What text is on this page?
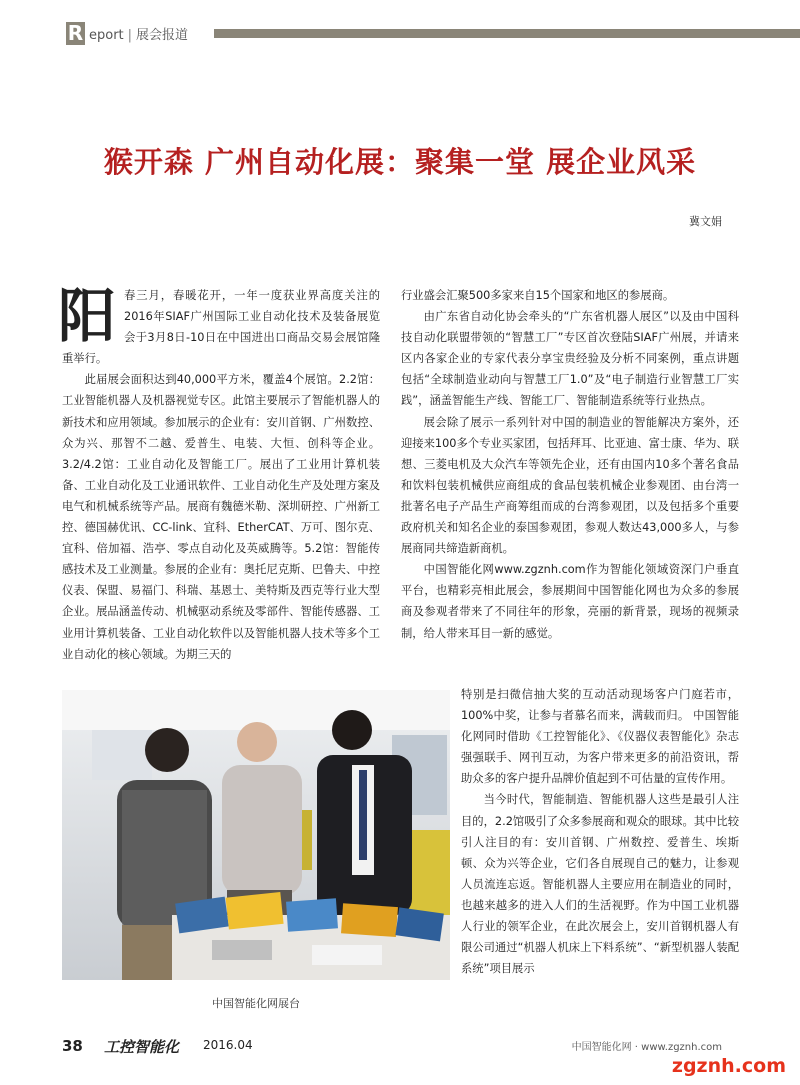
R eport | 展会报道
猴开森 广州自动化展：聚集一堂 展企业风采
冀文娟

阳春三月，春暖花开，一年一度获业界高度关注的2016年SIAF广州国际工业自动化技术及装备展览会于3月8日-10日在中国进出口商品交易会展馆隆重举行。

此届展会面积达到40,000平方米，覆盖4个展馆。2.2馆：工业智能机器人及机器视觉专区。此馆主要展示了智能机器人的新技术和应用领域。参加展示的企业有：安川首钢、广州数控、众为兴、那智不二越、爱普生、电装、大恒、创科等企业。 3.2/4.2馆：工业自动化及智能工厂。展出了工业用计算机装备、工业自动化及工业通讯软件、工业自动化生产及处理方案及电气和机械系统等产品。展商有魏德米勒、深圳研控、广州新工控、德国赫优讯、CC-link、宜科、EtherCAT、万可、图尔克、宜科、倍加福、浩亭、零点自动化及英威腾等。5.2馆：智能传感技术及工业测量。参展的企业有：奥托尼克斯、巴鲁夫、中控仪表、保盟、易福门、科瑞、基恩士、美特斯及西克等行业大型企业。展品涵盖传动、机械驱动系统及零部件、智能传感器、工业用计算机装备、工业自动化软件以及智能机器人技术等多个工业自动化的核心领域。为期三天的

行业盛会汇聚500多家来自15个国家和地区的参展商。

由广东省自动化协会牵头的“广东省机器人展区”以及由中国科技自动化联盟带领的“智慧工厂”专区首次登陆SIAF广州展，并请来区内各家企业的专家代表分享宝贵经验及分析不同案例，重点讲题包括“全球制造业动向与智慧工厂1.0”及“电子制造行业智慧工厂实践”，涵盖智能生产线、智能工厂、智能制造系统等行业热点。

展会除了展示一系列针对中国的制造业的智能解决方案外，还迎接来100多个专业买家团，包括拜耳、比亚迪、富士康、华为、联想、三菱电机及大众汽车等领先企业，还有由国内10多个著名食品和饮料包装机械供应商组成的食品包装机械企业参观团、由台湾一批著名电子产品生产商筹组而成的台湾参观团，以及包括多个重要政府机关和知名企业的泰国参观团，参观人数达43,000多人，与参展商同共缔造新商机。

中国智能化网www.zgznh.com作为智能化领域资深门户垂直平台，也精彩亮相此展会，参展期间中国智能化网也为众多的参展商及参观者带来了不同往年的形象，亮丽的新背景，现场的视频录制，给人带来耳目一新的感觉。

特别是扫微信抽大奖的互动活动现场客户门庭若市，100%中奖，让参与者慕名而来，满载而归。 中国智能化网同时借助《工控智能化》、《仪器仪表智能化》杂志强强联手、网刊互动，为客户带来更多的前沿资讯，帮助众多的客户提升品牌价值起到不可估量的宣传作用。

当今时代，智能制造、智能机器人这些是最引人注目的，2.2馆吸引了众多参展商和观众的眼球。其中比较引人注目的有：安川首钢、广州数控、爱普生、埃斯顿、众为兴等企业，它们各自展现自己的魅力，让参观人员流连忘返。智能机器人主要应用在制造业的同时，也越来越多的进入人们的生活视野。作为中国工业机器人行业的领军企业，在此次展会上，安川首钢机器人有限公司通过“机器人机床上下料系统”、“新型机器人装配系统”项目展示

中国智能化网展台
38 工控智能化 2016.04	中国智能化网 · www.zgznh.com
zgznh.com
